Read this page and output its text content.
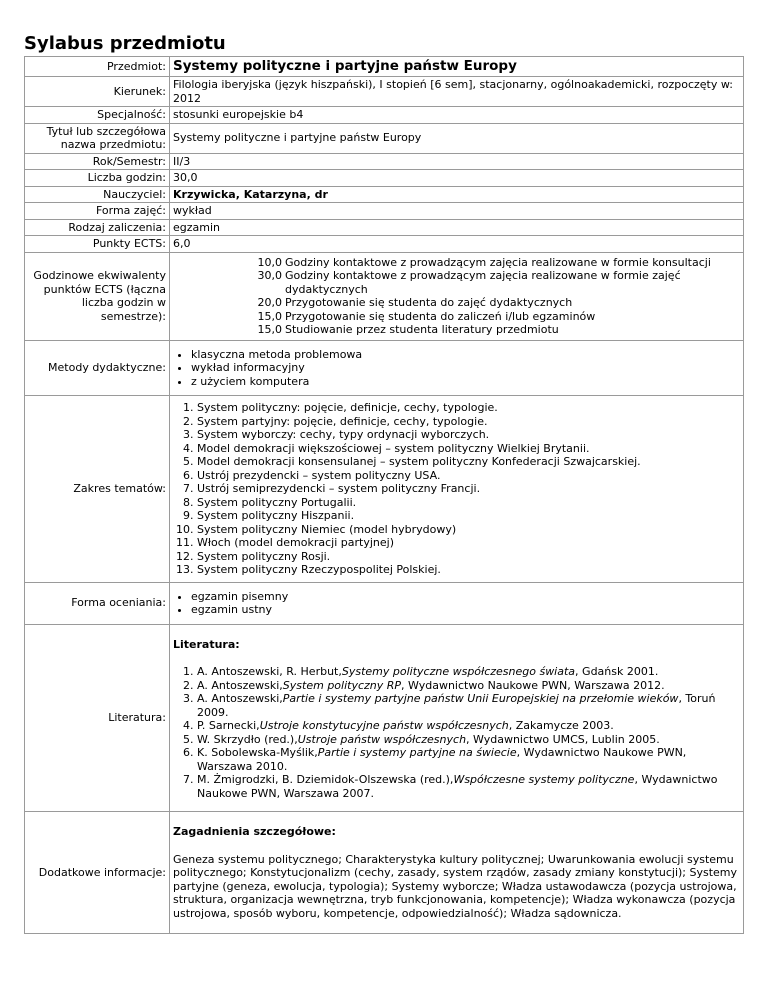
Sylabus przedmiotu
Przedmiot:	Systemy polityczne i partyjne państw Europy
Kierunek:	Filologia iberyjska (język hiszpański), I stopień [6 sem], stacjonarny, ogólnoakademicki, rozpoczęty w: 2012
Specjalność:	stosunki europejskie b4
Tytuł lub szczegółowa nazwa przedmiotu:	Systemy polityczne i partyjne państw Europy
Rok/Semestr:	II/3
Liczba godzin:	30,0
Nauczyciel:	Krzywicka, Katarzyna, dr
Forma zajęć:	wykład
Rodzaj zaliczenia:	egzamin
Punkty ECTS:	6,0
Godzinowe ekwiwalenty punktów ECTS (łączna liczba godzin w semestrze):	
10,0	Godziny kontaktowe z prowadzącym zajęcia realizowane w formie konsultacji
30,0	Godziny kontaktowe z prowadzącym zajęcia realizowane w formie zajęć dydaktycznych
20,0	Przygotowanie się studenta do zajęć dydaktycznych
15,0	Przygotowanie się studenta do zaliczeń i/lub egzaminów
15,0	Studiowanie przez studenta literatury przedmiotu

Metody dydaktyczne:	
• klasyczna metoda problemowa
• wykład informacyjny
• z użyciem komputera

Zakres tematów:	
1. System polityczny: pojęcie, definicje, cechy, typologie.
2. System partyjny: pojęcie, definicje, cechy, typologie.
3. System wyborczy: cechy, typy ordynacji wyborczych.
4. Model demokracji większościowej – system polityczny Wielkiej Brytanii.
5. Model demokracji konsensulanej – system polityczny Konfederacji Szwajcarskiej.
6. Ustrój prezydencki – system polityczny USA.
7. Ustrój semiprezydencki – system polityczny Francji.
8. System polityczny Portugalii.
9. System polityczny Hiszpanii.
10. System polityczny Niemiec (model hybrydowy)
11. Włoch (model demokracji partyjnej)
12. System polityczny Rosji.
13. System polityczny Rzeczypospolitej Polskiej.

Forma oceniania:	
• egzamin pisemny
• egzamin ustny

Literatura:	
Literatura:
1. A. Antoszewski, R. Herbut,Systemy polityczne współczesnego świata, Gdańsk 2001.
2. A. Antoszewski,System polityczny RP, Wydawnictwo Naukowe PWN, Warszawa 2012.
3. A. Antoszewski,Partie i systemy partyjne państw Unii Europejskiej na przełomie wieków, Toruń 2009.
4. P. Sarnecki,Ustroje konstytucyjne państw współczesnych, Zakamycze 2003.
5. W. Skrzydło (red.),Ustroje państw współczesnych, Wydawnictwo UMCS, Lublin 2005.
6. K. Sobolewska-Myślik,Partie i systemy partyjne na świecie, Wydawnictwo Naukowe PWN, Warszawa 2010.
7. M. Żmigrodzki, B. Dziemidok-Olszewska (red.),Współczesne systemy polityczne, Wydawnictwo Naukowe PWN, Warszawa 2007.

Dodatkowe informacje:	
Zagadnienia szczegółowe:
Geneza systemu politycznego; Charakterystyka kultury politycznej; Uwarunkowania ewolucji systemu politycznego; Konstytucjonalizm (cechy, zasady, system rządów, zasady zmiany konstytucji); Systemy partyjne (geneza, ewolucja, typologia); Systemy wyborcze; Władza ustawodawcza (pozycja ustrojowa, struktura, organizacja wewnętrzna, tryb funkcjonowania, kompetencje); Władza wykonawcza (pozycja ustrojowa, sposób wyboru, kompetencje, odpowiedzialność); Władza sądownicza.
